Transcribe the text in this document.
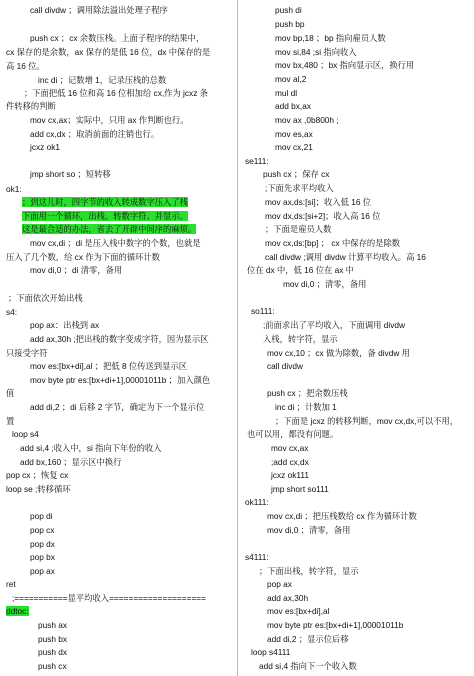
call divdw ；调用除法溢出处理子程序
push cx ；cx 余数压栈。上面子程序的结果中，
cx 保存的是余数，ax 保存的是低 16 位，dx 中保存的是
高 16 位。
inc di ；记数增 1，记录压栈的总数
；下面把低 16 位和高 16 位相加给 cx,作为 jcxz 条
件转移的判断
mov cx,ax；实际中，只用 ax 作判断也行。
add cx,dx ；取消前面的注销也行。
jcxz ok1
jmp short so ；短转移
ok1:
；到这儿时，四字节的收入转成数字压入了栈
下面用一个循环，出栈、转数字符、并显示。
这是最合适的办法，省去了开辟中间序的麻烦。
mov cx,di ；di 是压入栈中数字的个数，也就是
压入了几个数，给 cx 作为下面的循环计数
mov di,0 ；di 清零，备用
；下面依次开始出栈
s4:
pop ax：出栈到 ax
add ax,30h ;把出栈的数字变成字符，因为显示区
只接受字符
mov es:[bx+di],al ；把低 8 位传送到显示区
mov byte ptr es:[bx+di+1],00001011b ；加入颜色
值
add di,2 ；di 后移 2 字节，确定为下一个显示位
置
loop s4
add si,4 ;收入中，si 指向下年份的收入
add bx,160 ；显示区中换行
pop cx ；恢复 cx
loop se ;转移循环
pop di
pop cx
pop dx
pop bx
pop ax
ret
;===========显平均收入====================
ddtoc:
push ax
push bx
push dx
push cx
push di
push bp
mov bp,18 ；bp 指向雇员人数
mov si,84 ;si 指向收入
mov bx,480 ；bx 指向显示区，换行用
mov al,2
mul dl
add bx,ax
mov ax ,0b800h ;
mov es,ax
mov cx,21
se111:
push cx ；保存 cx
;下面先求平均收入
mov ax,ds:[si]；收入低 16 位
mov dx,ds:[si+2]；收入高 16 位
；下面是雇员人数
mov cx,ds:[bp] ； cx 中保存的是除数
call divdw ;调用 divdw 计算平均收入。高 16
位在 dx 中，低 16 位在 ax 中
mov di,0 ；清零，备用
so111:
;前面求出了平均收入，下面调用 divdw
入栈，转字符，显示
mov cx,10 ；cx 做为除数，备 divdw 用
call divdw
push cx ；把余数压栈
inc di ；计数加 1
；下面是 jcxz 的转移判断，mov cx,dx,可以不用，
也可以用，都没有问题。
mov cx,ax
;add cx,dx
jcxz ok111
jmp short so111
ok111:
mov cx,di ；把压栈数给 cx 作为循环计数
mov di,0 ；清零，备用
s4111:
；下面出栈，转字符，显示
pop ax
add ax,30h
mov es:[bx+di],al
mov byte ptr es:[bx+di+1],00001011b
add di,2 ；显示位后移
loop s4111
add si,4 指向下一个收入数
